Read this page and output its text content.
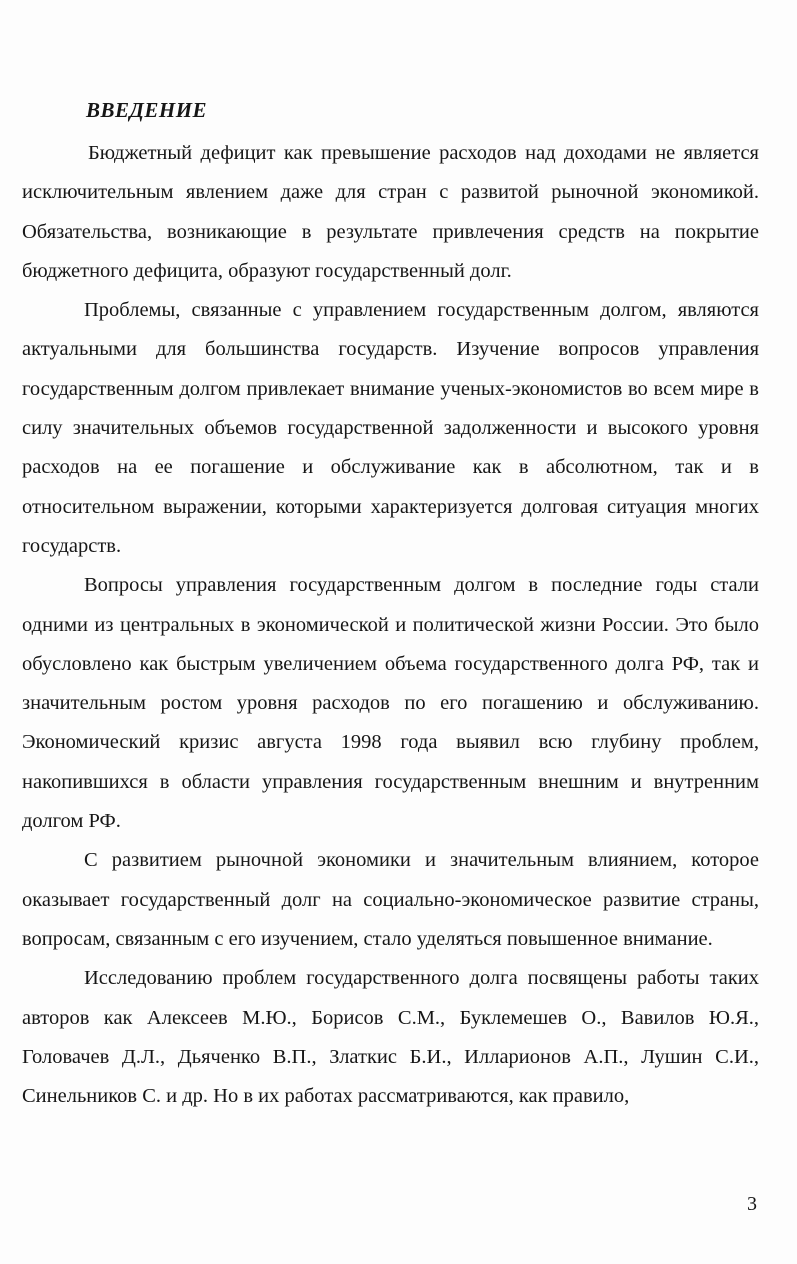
ВВЕДЕНИЕ

Бюджетный дефицит как превышение расходов над доходами не является исключительным явлением даже для стран с развитой рыночной экономикой. Обязательства, возникающие в результате привлечения средств на покрытие бюджетного дефицита, образуют государственный долг.

Проблемы, связанные с управлением государственным долгом, являются актуальными для большинства государств. Изучение вопросов управления государственным долгом привлекает внимание ученых-экономистов во всем мире в силу значительных объемов государственной задолженности и высокого уровня расходов на ее погашение и обслуживание как в абсолютном, так и в относительном выражении, которыми характеризуется долговая ситуация многих государств.

Вопросы управления государственным долгом в последние годы стали одними из центральных в экономической и политической жизни России. Это было обусловлено как быстрым увеличением объема государственного долга РФ, так и значительным ростом уровня расходов по его погашению и обслуживанию. Экономический кризис августа 1998 года выявил всю глубину проблем, накопившихся в области управления государственным внешним и внутренним долгом РФ.

С развитием рыночной экономики и значительным влиянием, которое оказывает государственный долг на социально-экономическое развитие страны, вопросам, связанным с его изучением, стало уделяться повышенное внимание.

Исследованию проблем государственного долга посвящены работы таких авторов как Алексеев М.Ю., Борисов С.М., Буклемешев О., Вавилов Ю.Я., Головачев Д.Л., Дьяченко В.П., Златкис Б.И., Илларионов А.П., Лушин С.И., Синельников С. и др. Но в их работах рассматриваются, как правило,

3
